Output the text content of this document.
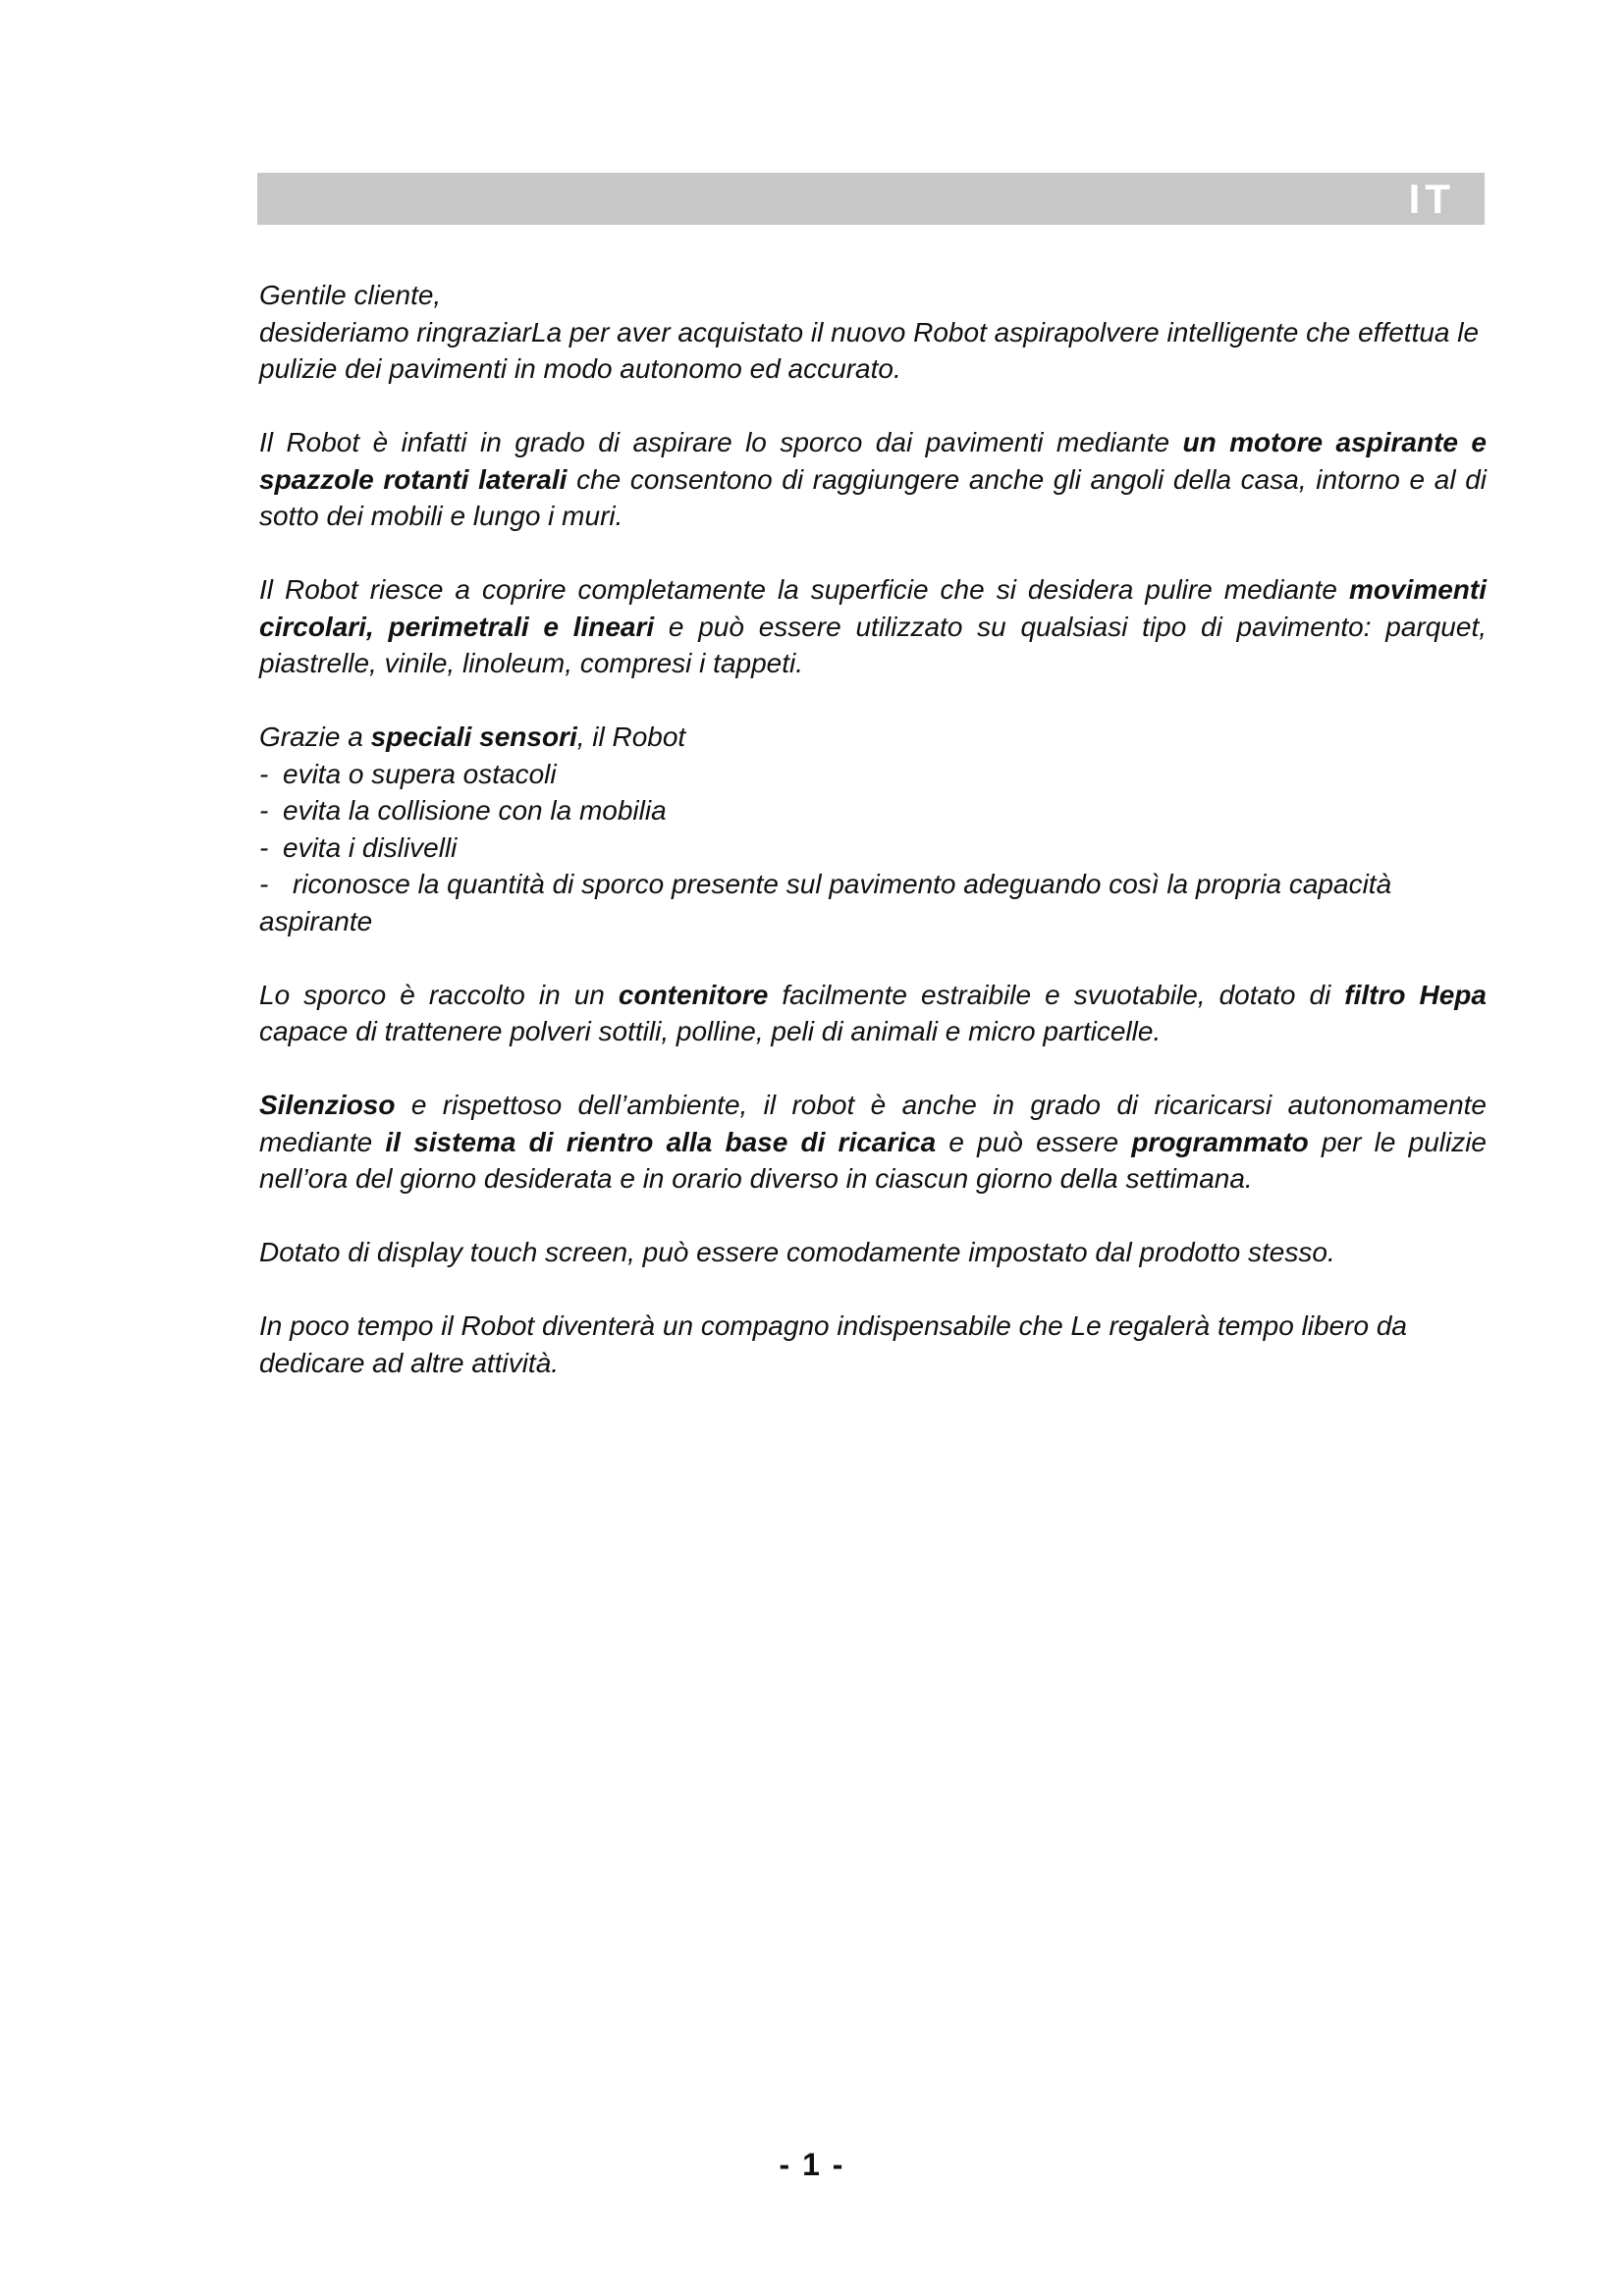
IT

Gentile cliente,
desideriamo ringraziarLa per aver acquistato il nuovo Robot aspirapolvere intelligente che effettua le pulizie dei pavimenti in modo autonomo ed accurato.

Il Robot è infatti in grado di aspirare lo sporco dai pavimenti mediante un motore aspirante e spazzole rotanti laterali che consentono di raggiungere anche gli angoli della casa, intorno e al di sotto dei mobili e lungo i muri.

Il Robot riesce a coprire completamente la superficie che si desidera pulire mediante movimenti circolari, perimetrali e lineari e può essere utilizzato su qualsiasi tipo di pavimento: parquet, piastrelle, vinile, linoleum, compresi i tappeti.

Grazie a speciali sensori, il Robot
- evita o supera ostacoli
- evita la collisione con la mobilia
- evita i dislivelli
- riconosce la quantità di sporco presente sul pavimento adeguando così la propria capacità aspirante

Lo sporco è raccolto in un contenitore facilmente estraibile e svuotabile, dotato di filtro Hepa capace di trattenere polveri sottili, polline, peli di animali e micro particelle.

Silenzioso e rispettoso dell’ambiente, il robot è anche in grado di ricaricarsi autonomamente mediante il sistema di rientro alla base di ricarica e può essere programmato per le pulizie nell’ora del giorno desiderata e in orario diverso in ciascun giorno della settimana.

Dotato di display touch screen, può essere comodamente impostato dal prodotto stesso.

In poco tempo il Robot diventerà un compagno indispensabile che Le regalerà tempo libero da dedicare ad altre attività.

- 1 -
